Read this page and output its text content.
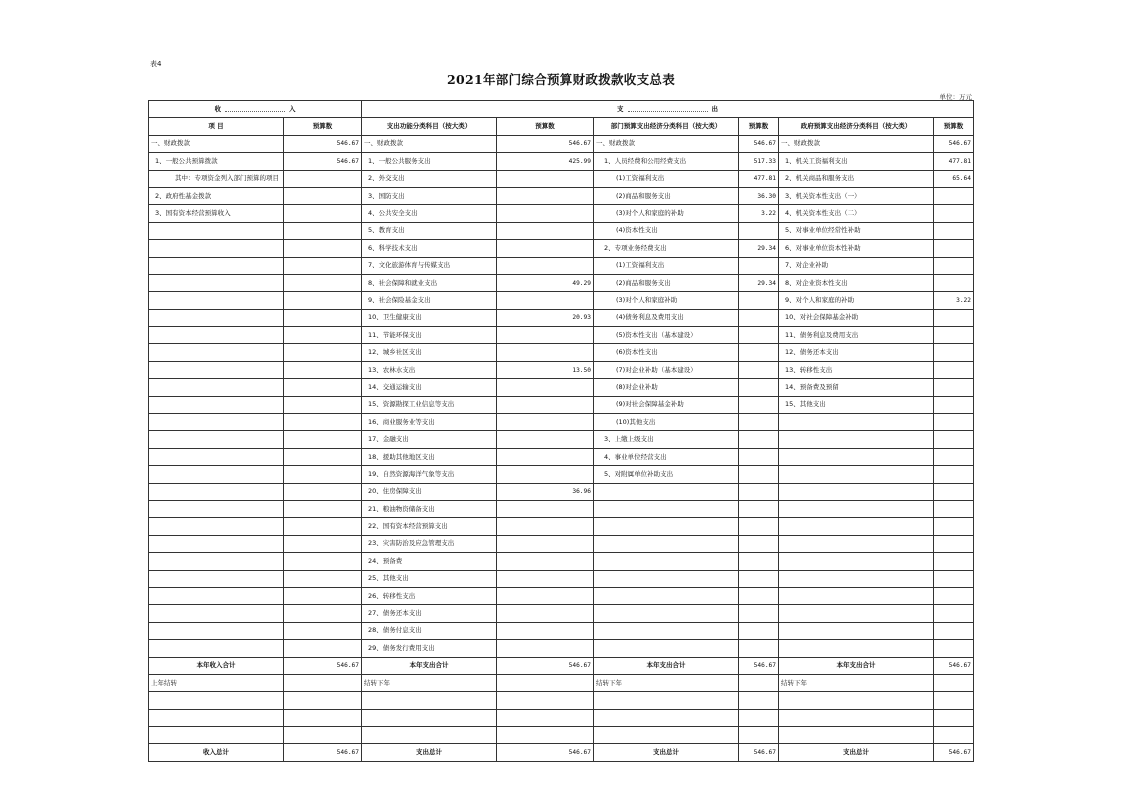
表4
2021年部门综合预算财政拨款收支总表
单位：万元
收 入		支 出					

项 目	预算数	支出功能分类科目（按大类）	预算数	部门预算支出经济分类科目（按大类）	预算数	政府预算支出经济分类科目（按大类）	预算数
一、财政拨款	546.67	一、财政拨款	546.67	一、财政拨款	546.67	一、财政拨款	546.67
1、一般公共预算拨款	546.67	1、一般公共服务支出	425.99	1、人员经费和公用经费支出	517.33	1、机关工资福利支出	477.81
其中：专项资金列入部门预算的项目		2、外交支出		(1)工资福利支出	477.81	2、机关商品和服务支出	65.64
2、政府性基金拨款		3、国防支出		(2)商品和服务支出	36.30	3、机关资本性支出（一）	
3、国有资本经营预算收入		4、公共安全支出		(3)对个人和家庭的补助	3.22	4、机关资本性支出（二）	
		5、教育支出		(4)资本性支出		5、对事业单位经常性补助	
		6、科学技术支出		2、专项业务经费支出	29.34	6、对事业单位资本性补助	
		7、文化旅游体育与传媒支出		(1)工资福利支出		7、对企业补助	
		8、社会保障和就业支出	49.29	(2)商品和服务支出	29.34	8、对企业资本性支出	
		9、社会保险基金支出		(3)对个人和家庭补助		9、对个人和家庭的补助	3.22
		10、卫生健康支出	20.93	(4)债务利息及费用支出		10、对社会保障基金补助	
		11、节能环保支出		(5)资本性支出（基本建设）		11、债务利息及费用支出	
		12、城乡社区支出		(6)资本性支出		12、债务还本支出	
		13、农林水支出	13.50	(7)对企业补助（基本建设）		13、转移性支出	
		14、交通运输支出		(8)对企业补助		14、预备费及预留	
		15、资源勘探工业信息等支出		(9)对社会保障基金补助		15、其他支出	
		16、商业服务业等支出		(10)其他支出			
		17、金融支出		3、上缴上级支出			
		18、援助其他地区支出		4、事业单位经营支出			
		19、自然资源海洋气象等支出		5、对附属单位补助支出			
		20、住房保障支出	36.96				
		21、粮油物资储备支出					
		22、国有资本经营预算支出					
		23、灾害防治及应急管理支出					
		24、预备费					
		25、其他支出					
		26、转移性支出					
		27、债务还本支出					
		28、债务付息支出					
		29、债务发行费用支出					
本年收入合计	546.67	本年支出合计	546.67	本年支出合计	546.67	本年支出合计	546.67
上年结转		结转下年		结转下年		结转下年	

收入总计	546.67	支出总计	546.67	支出总计	546.67	支出总计	546.67
